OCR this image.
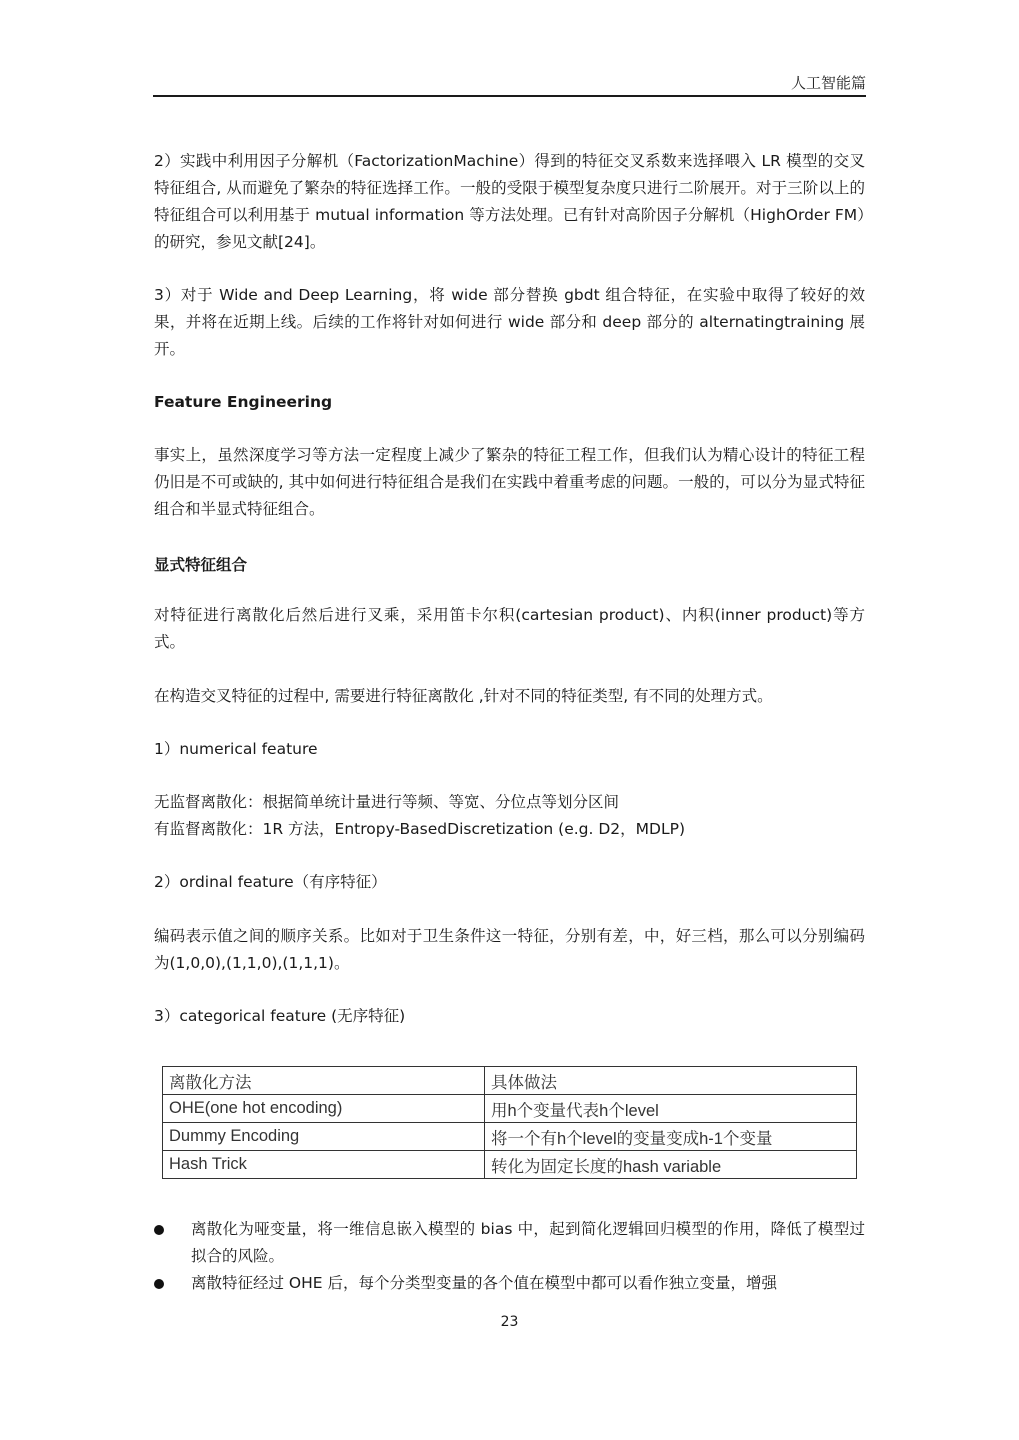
人工智能篇

2）实践中利用因子分解机（FactorizationMachine）得到的特征交叉系数来选择喂入 LR 模型的交叉特征组合, 从而避免了繁杂的特征选择工作。一般的受限于模型复杂度只进行二阶展开。对于三阶以上的特征组合可以利用基于 mutual information 等方法处理。已有针对高阶因子分解机（HighOrder FM）的研究，参见文献[24]。

3）对于 Wide and Deep Learning，将 wide 部分替换 gbdt 组合特征，在实验中取得了较好的效果，并将在近期上线。后续的工作将针对如何进行 wide 部分和 deep 部分的 alternatingtraining 展开。

Feature Engineering

事实上，虽然深度学习等方法一定程度上减少了繁杂的特征工程工作，但我们认为精心设计的特征工程仍旧是不可或缺的, 其中如何进行特征组合是我们在实践中着重考虑的问题。一般的，可以分为显式特征组合和半显式特征组合。

显式特征组合

对特征进行离散化后然后进行叉乘，采用笛卡尔积(cartesian product)、内积(inner product)等方式。

在构造交叉特征的过程中, 需要进行特征离散化 ,针对不同的特征类型, 有不同的处理方式。
1）numerical feature
无监督离散化：根据简单统计量进行等频、等宽、分位点等划分区间
有监督离散化：1R 方法，Entropy-BasedDiscretization (e.g. D2，MDLP)
2）ordinal feature（有序特征）

编码表示值之间的顺序关系。比如对于卫生条件这一特征，分别有差，中，好三档，那么可以分别编码为(1,0,0),(1,1,0),(1,1,1)。

3）categorical feature (无序特征)
离散化方法	具体做法
OHE(one hot encoding)	用h个变量代表h个level
Dummy Encoding	将一个有h个level的变量变成h-1个变量
Hash Trick	转化为固定长度的hash variable
离散化为哑变量，将一维信息嵌入模型的 bias 中，起到简化逻辑回归模型的作用，降低了模型过拟合的风险。
离散特征经过 OHE 后，每个分类型变量的各个值在模型中都可以看作独立变量，增强
23
